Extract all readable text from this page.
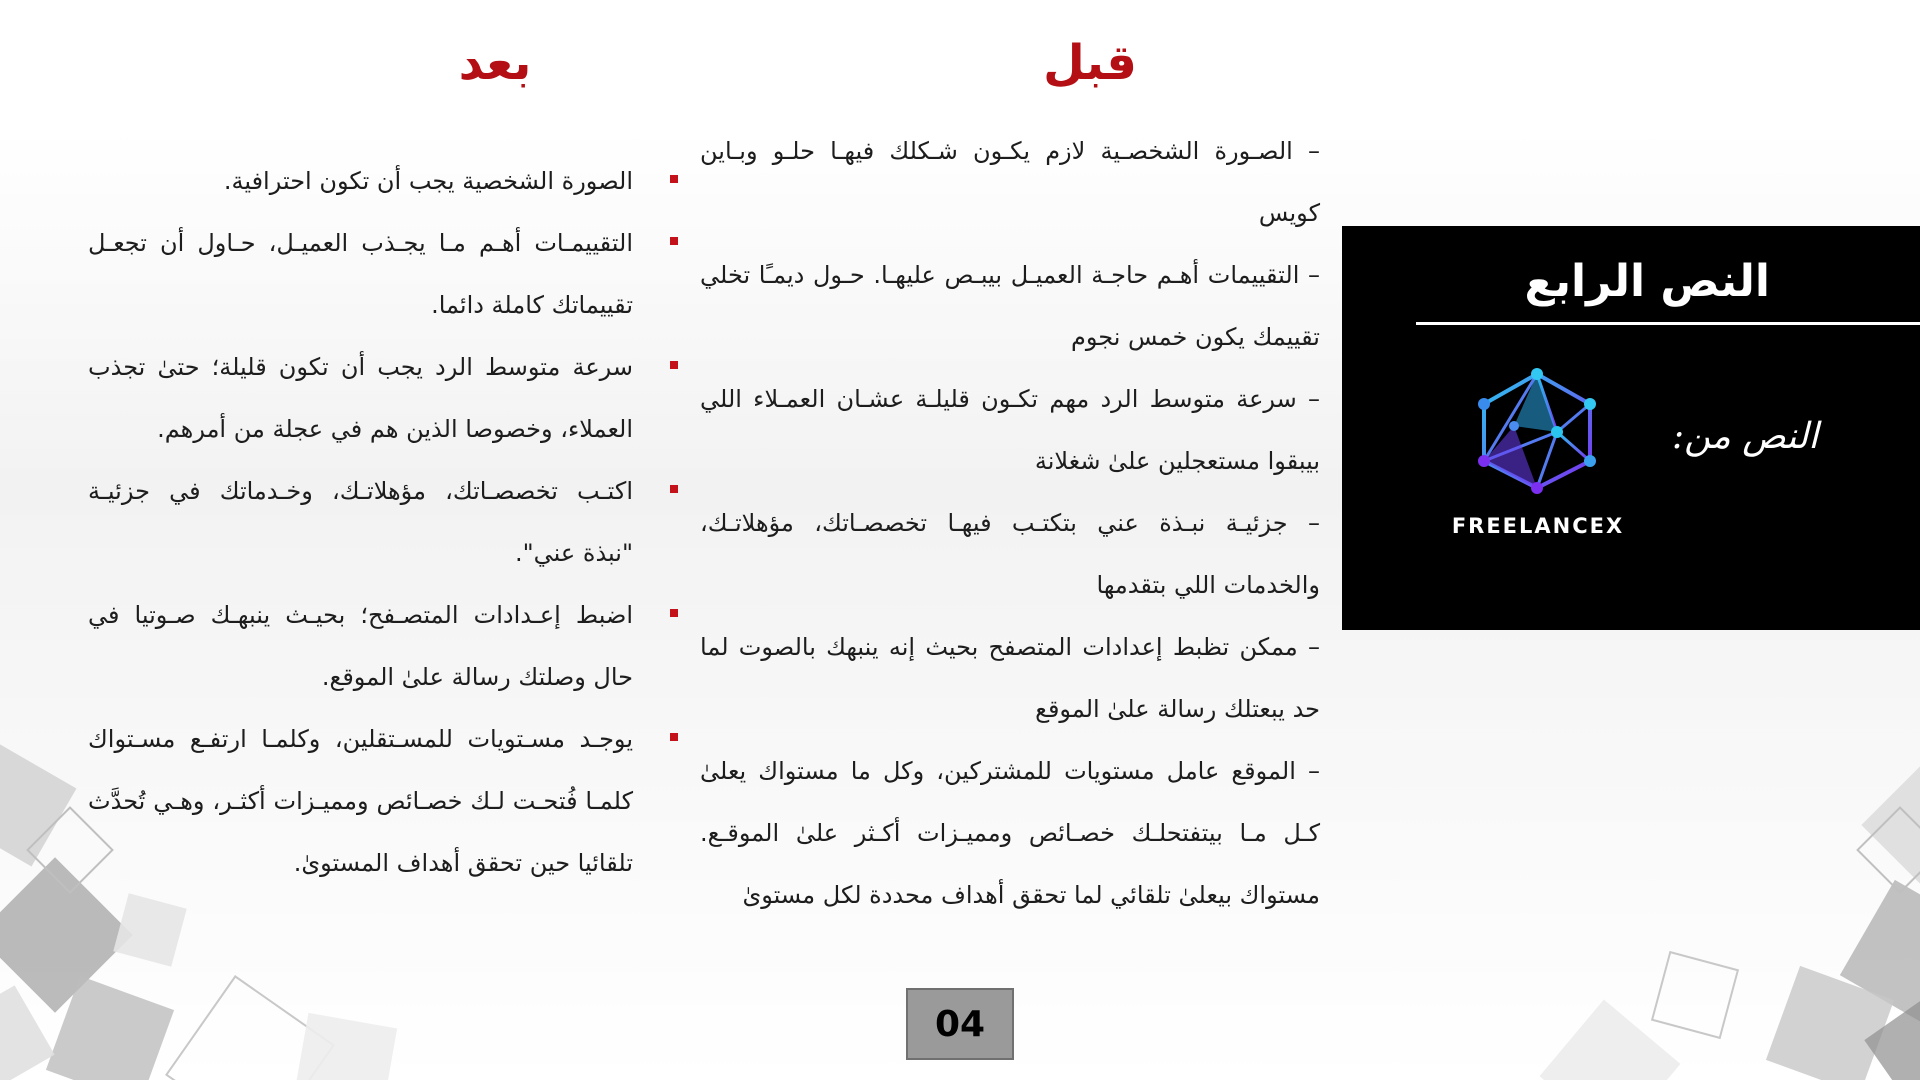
قبل
بعد

– الصـورة الشخصـية لازم يكـون شـكلك فيهـا حلـو وبـاين كويس

– التقييمات أهـم حاجـة العميـل بيبـص عليهـا. حـول ديمـًا تخلي تقييمك يكون خمس نجوم

– سرعة متوسط الرد مهم تكـون قليلـة عشـان العمـلاء اللي بيبقوا مستعجلين علىٰ شغلانة

– جزئيـة نبـذة عني بتكتـب فيهـا تخصصـاتك، مؤهلاتـك، والخدمات اللي بتقدمها

– ممكن تظبط إعدادات المتصفح بحيث إنه ينبهك بالصوت لما حد يبعتلك رسالة علىٰ الموقع

– الموقع عامل مستويات للمشتركين، وكل ما مستواك يعلىٰ كـل مـا بيتفتحلـك خصـائص ومميـزات أكـثر علىٰ الموقـع. مستواك بيعلىٰ تلقائي لما تحقق أهداف محددة لكل مستوىٰ

الصورة الشخصية يجب أن تكون احترافية.
التقييمـات أهـم مـا يجـذب العميـل، حـاول أن تجعـل تقييماتك كاملة دائما.
سرعة متوسط الرد يجب أن تكون قليلة؛ حتىٰ تجذب العملاء، وخصوصا الذين هم في عجلة من أمرهم.
اكتـب تخصصـاتك، مؤهلاتـك، وخـدماتك في جزئيـة "نبذة عني".
اضبط إعـدادات المتصـفح؛ بحيـث ينبهـك صـوتيا في حال وصلتك رسالة علىٰ الموقع.
يوجـد مسـتويات للمسـتقلين، وكلمـا ارتفـع مسـتواك كلمـا فُتحـت لـك خصـائص ومميـزات أكثـر، وهـي تُحدَّث تلقائيا حين تحقق أهداف المستوىٰ.
النص الرابع
FREELANCEX
النص من:
04
